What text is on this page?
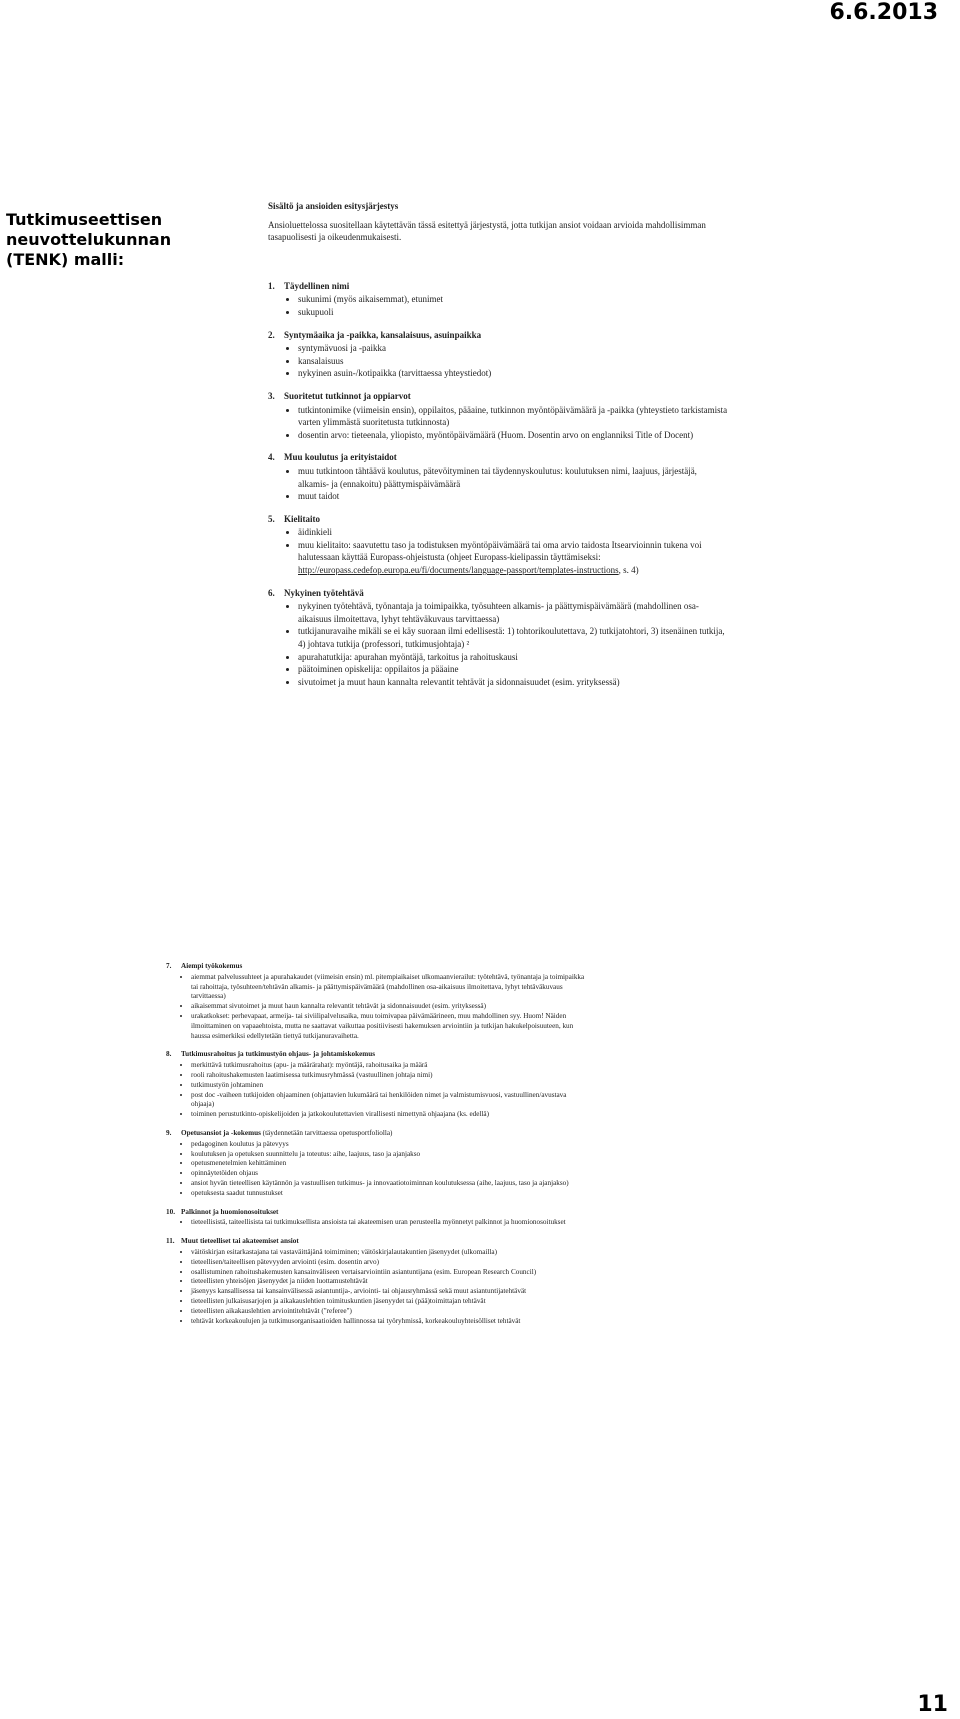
6.6.2013
Tutkimuseettisen neuvottelukunnan (TENK) malli:
Sisältö ja ansioiden esitysjärjestys
Ansioluettelossa suositellaan käytettävän tässä esitettyä järjestystä, jotta tutkijan ansiot voidaan arvioida mahdollisimman tasapuolisesti ja oikeudenmukaisesti.
1.	Täydellinen nimi
• sukunimi (myös aikaisemmat), etunimet
• sukupuoli
2.	Syntymäaika ja -paikka, kansalaisuus, asuinpaikka
• syntymävuosi ja -paikka
• kansalaisuus
• nykyinen asuin-/kotipaikka (tarvittaessa yhteystiedot)
3.	Suoritetut tutkinnot ja oppiarvot
• tutkintonimike (viimeisin ensin), oppilaitos, pääaine, tutkinnon myöntöpäivämäärä ja -paikka (yhteystieto tarkistamista varten ylimmästä suoritetusta tutkinnosta)
• dosentin arvo: tieteenala, yliopisto, myöntöpäivämäärä (Huom. Dosentin arvo on englanniksi Title of Docent)
4.	Muu koulutus ja erityistaidot
• muu tutkintoon tähtäävä koulutus, pätevöityminen tai täydennyskoulutus: koulutuksen nimi, laajuus, järjestäjä, alkamis- ja (ennakoitu) päättymispäivämäärä
• muut taidot
5.	Kielitaito
• äidinkieli
• muu kielitaito: saavutettu taso ja todistuksen myöntöpäivämäärä tai oma arvio taidosta Itsearvioinnin tukena voi halutessaan käyttää Europass-ohjeistusta (ohjeet Europass-kielipassin täyttämiseksi: http://europass.cedefop.europa.eu/fi/documents/language-passport/templates-instructions, s. 4)
6.	Nykyinen työtehtävä
• nykyinen työtehtävä, työnantaja ja toimipaikka, työsuhteen alkamis- ja päättymispäivämäärä (mahdollinen osa-aikaisuus ilmoitettava, lyhyt tehtäväkuvaus tarvittaessa)
• tutkijanuravaihe mikäli se ei käy suoraan ilmi edellisestä: 1) tohtorikoulutettava, 2) tutkijatohtori, 3) itsenäinen tutkija, 4) johtava tutkija (professori, tutkimusjohtaja) ²
• apurahatutkija: apurahan myöntäjä, tarkoitus ja rahoituskausi
• päätoiminen opiskelija: oppilaitos ja pääaine
• sivutoimet ja muut haun kannalta relevantit tehtävät ja sidonnaisuudet (esim. yrityksessä)
7.	Aiempi työkokemus
• aiemmat palvelussuhteet ja apurahakaudet (viimeisin ensin) ml. pitempiaikaiset ulkomaanvierailut: työtehtävä, työnantaja ja toimipaikka tai rahoittaja, työsuhteen/tehtävän alkamis- ja päättymispäivämäärä (mahdollinen osa-aikaisuus ilmoitettava, lyhyt tehtäväkuvaus tarvittaessa)
• aikaisemmat sivutoimet ja muut haun kannalta relevantit tehtävät ja sidonnaisuudet (esim. yrityksessä)
• urakatkokset: perhevapaat, armeija- tai siviilipalvelusaika, muu toimivapaa päivämäärineen, muu mahdollinen syy. Huom! Näiden ilmoittaminen on vapaaehtoista, mutta ne saattavat vaikuttaa positiivisesti hakemuksen arviointiin ja tutkijan hakukelpoisuuteen, kun haussa esimerkiksi edellytetään tiettyä tutkijanuravaihetta.
8.	Tutkimusrahoitus ja tutkimustyön ohjaus- ja johtamiskokemus
• merkittävä tutkimusrahoitus (apu- ja määrärahat): myöntäjä, rahoitusaika ja määrä
• rooli rahoitushakemusten laatimisessa tutkimusryhmässä (vastuullinen johtaja nimi)
• tutkimustyön johtaminen
• post doc -vaiheen tutkijoiden ohjaaminen (ohjattavien lukumäärä tai henkilöiden nimet ja valmistumisvuosi, vastuullinen/avustava ohjaaja)
• toiminen perustutkinto-opiskelijoiden ja jatkokoulutettavien virallisesti nimettynä ohjaajana (ks. edellä)
9.	Opetusansiot ja -kokemus (täydennetään tarvittaessa opetusportfoliolla)
• pedagoginen koulutus ja pätevyys
• koulutuksen ja opetuksen suunnittelu ja toteutus: aihe, laajuus, taso ja ajanjakso
• opetusmenetelmien kehittäminen
• opinnäytetöiden ohjaus
• ansiot hyvän tieteellisen käytännön ja vastuullisen tutkimus- ja innovaatiotoiminnan koulutuksessa (aihe, laajuus, taso ja ajanjakso)
• opetuksesta saadut tunnustukset
10. Palkinnot ja huomionosoitukset
• tieteellisistä, taiteellisista tai tutkimuksellista ansioista tai akateemisen uran perusteella myönnetyt palkinnot ja huomionosoitukset
11. Muut tieteelliset tai akateemiset ansiot
• väitöskirjan esitarkastajana tai vastaväittäjänä toimiminen; väitöskirjalautakuntien jäsenyydet (ulkomailla)
• tieteellisen/taiteellisen pätevyyden arviointi (esim. dosentin arvo)
• osallistuminen rahoitushakemusten kansainväliseen vertaisarviointiin asiantuntijana (esim. European Research Council)
• tieteellisten yhteisöjen jäsenyydet ja niiden luottamustehtävät
• jäsenyys kansallisessa tai kansainvälisessä asiantuntija-, arviointi- tai ohjausryhmässä sekä muut asiantuntijatehtävät
• tieteellisten julkaisusarjojen ja aikakauslehtien toimituskuntien jäsenyydet tai (pää)toimittajan tehtävät
• tieteellisten aikakauslehtien arviointitehtävät ("referee")
• tehtävät korkeakoulujen ja tutkimusorganisaatioiden hallinnossa tai työryhmissä, korkeakouluyhteisölliset tehtävät
11
